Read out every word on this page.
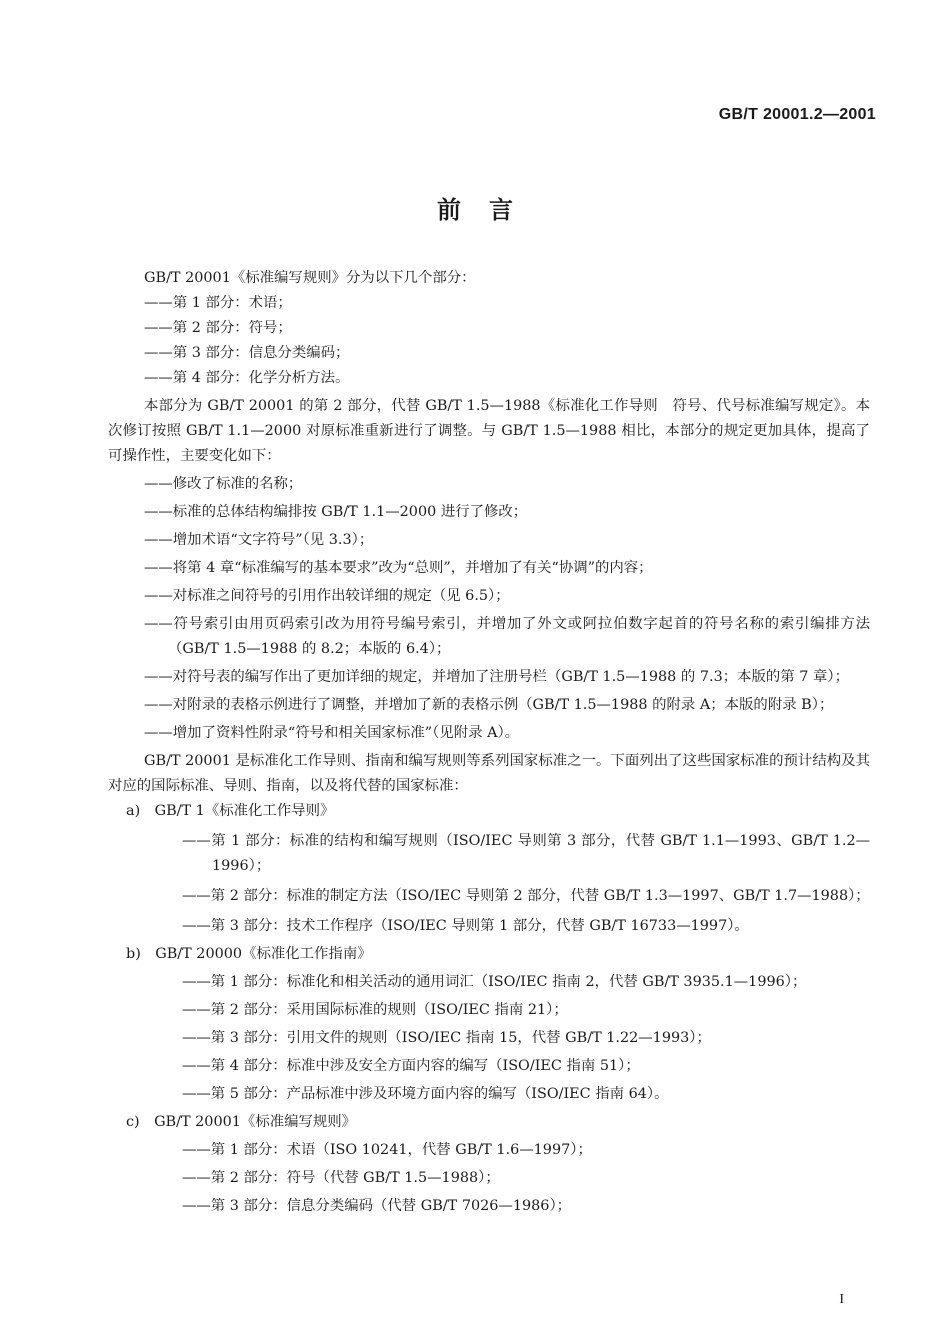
GB/T 20001.2—2001
前言

GB/T 20001《标准编写规则》分为以下几个部分：

——第 1 部分：术语；

——第 2 部分：符号；

——第 3 部分：信息分类编码；

——第 4 部分：化学分析方法。

本部分为 GB/T 20001 的第 2 部分，代替 GB/T 1.5—1988《标准化工作导则　符号、代号标准编写规定》。本次修订按照 GB/T 1.1—2000 对原标准重新进行了调整。与 GB/T 1.5—1988 相比，本部分的规定更加具体，提高了可操作性，主要变化如下：

——修改了标准的名称；

——标准的总体结构编排按 GB/T 1.1—2000 进行了修改；

——增加术语“文字符号”（见 3.3）；

——将第 4 章“标准编写的基本要求”改为“总则”，并增加了有关“协调”的内容；

——对标准之间符号的引用作出较详细的规定（见 6.5）；

——符号索引由用页码索引改为用符号编号索引，并增加了外文或阿拉伯数字起首的符号名称的索引编排方法（GB/T 1.5—1988 的 8.2；本版的 6.4）；

——对符号表的编写作出了更加详细的规定，并增加了注册号栏（GB/T 1.5—1988 的 7.3；本版的第 7 章）；

——对附录的表格示例进行了调整，并增加了新的表格示例（GB/T 1.5—1988 的附录 A；本版的附录 B）；

——增加了资料性附录“符号和相关国家标准”（见附录 A）。

GB/T 20001 是标准化工作导则、指南和编写规则等系列国家标准之一。下面列出了这些国家标准的预计结构及其对应的国际标准、导则、指南，以及将代替的国家标准：

a)　GB/T 1《标准化工作导则》

——第 1 部分：标准的结构和编写规则（ISO/IEC 导则第 3 部分，代替 GB/T 1.1—1993、GB/T 1.2—1996）；

——第 2 部分：标准的制定方法（ISO/IEC 导则第 2 部分，代替 GB/T 1.3—1997、GB/T 1.7—1988）；

——第 3 部分：技术工作程序（ISO/IEC 导则第 1 部分，代替 GB/T 16733—1997）。

b)　GB/T 20000《标准化工作指南》

——第 1 部分：标准化和相关活动的通用词汇（ISO/IEC 指南 2，代替 GB/T 3935.1—1996）；

——第 2 部分：采用国际标准的规则（ISO/IEC 指南 21）；

——第 3 部分：引用文件的规则（ISO/IEC 指南 15，代替 GB/T 1.22—1993）；

——第 4 部分：标准中涉及安全方面内容的编写（ISO/IEC 指南 51）；

——第 5 部分：产品标准中涉及环境方面内容的编写（ISO/IEC 指南 64）。

c)　GB/T 20001《标准编写规则》

——第 1 部分：术语（ISO 10241，代替 GB/T 1.6—1997）；

——第 2 部分：符号（代替 GB/T 1.5—1988）；

——第 3 部分：信息分类编码（代替 GB/T 7026—1986）；

I
